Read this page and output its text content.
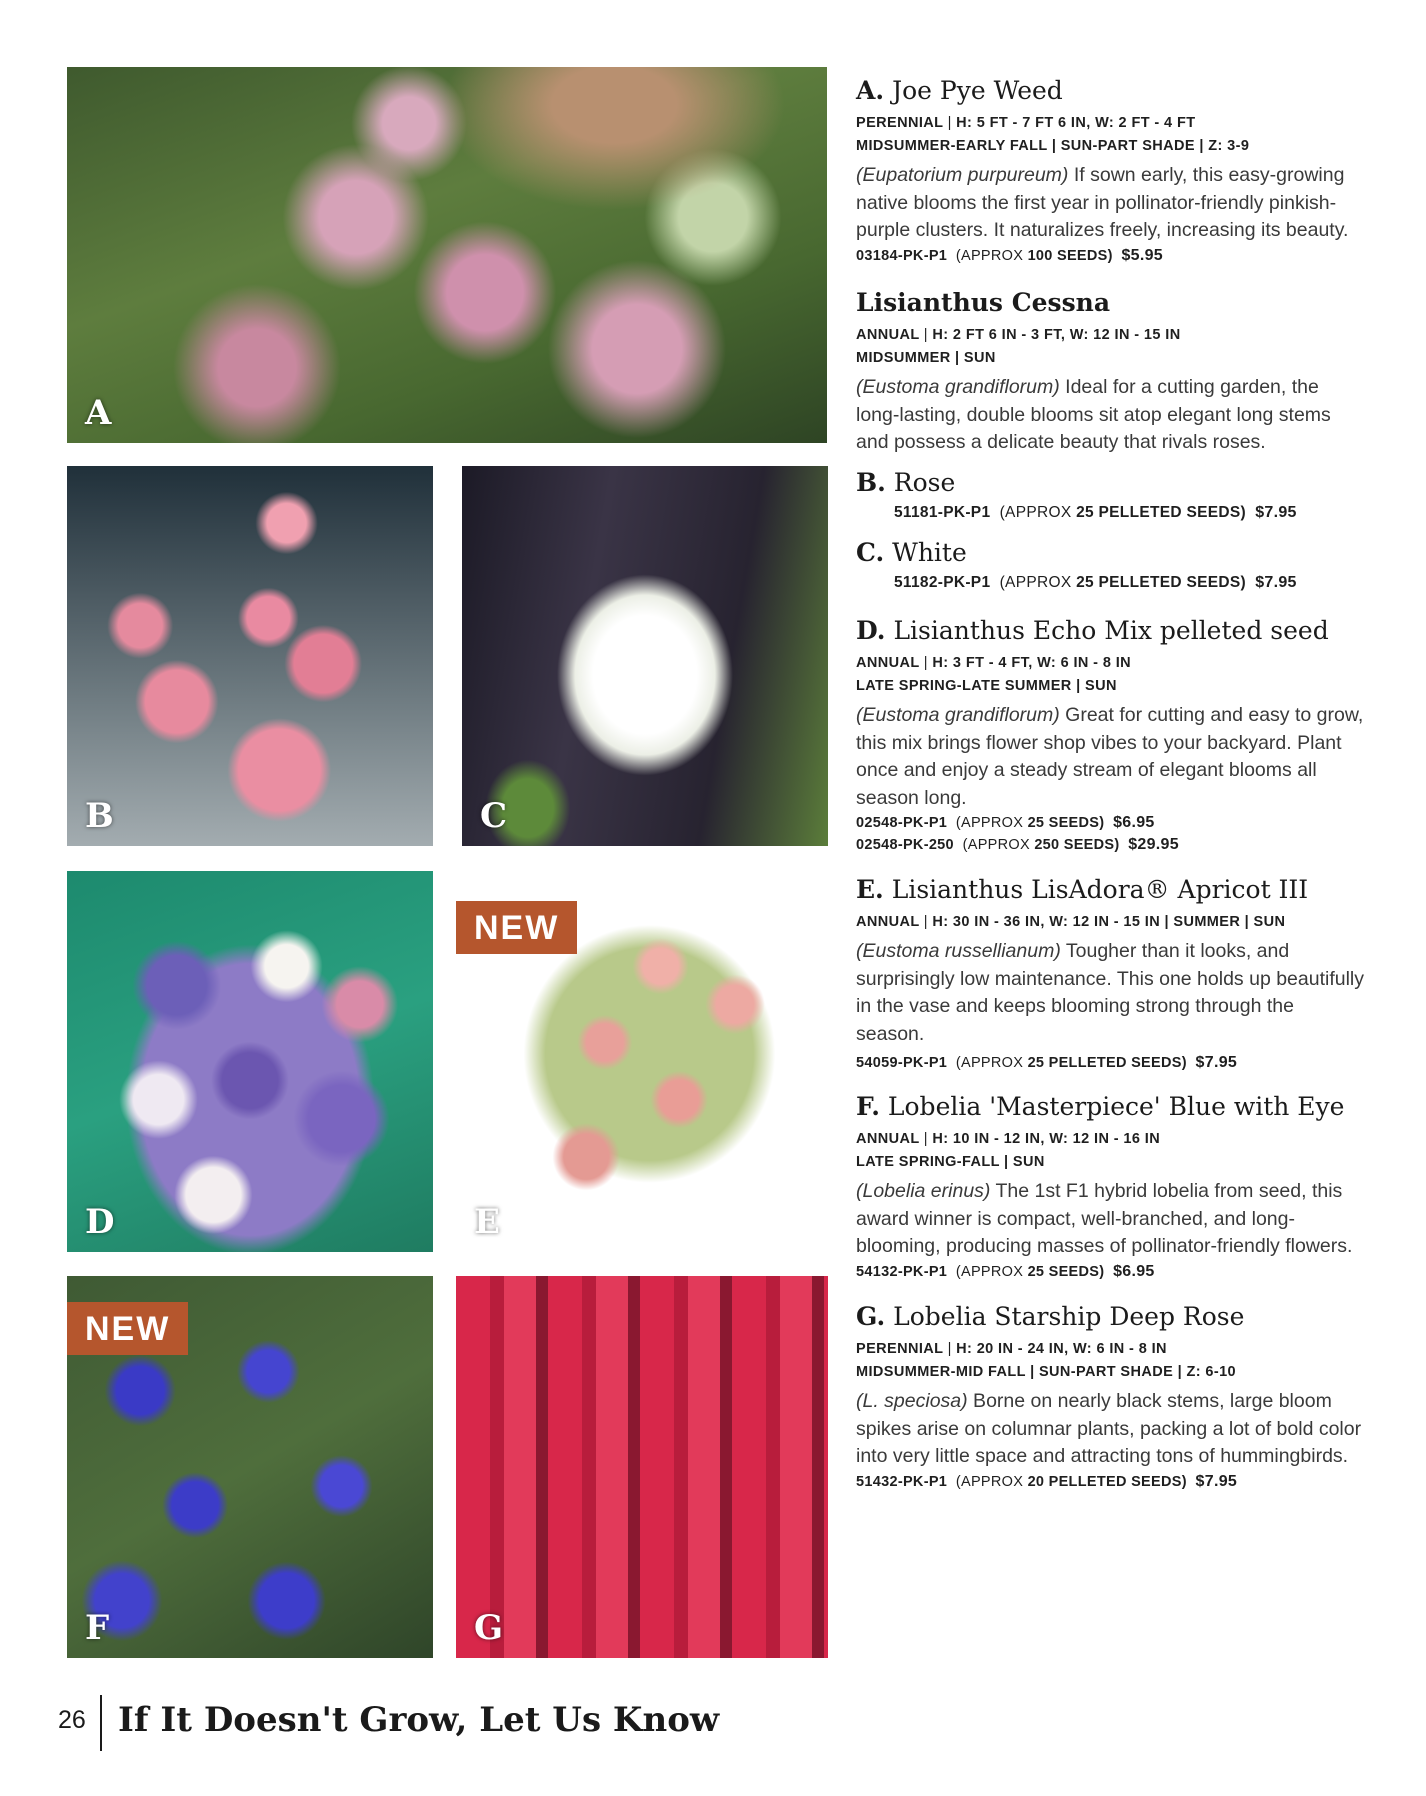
A
B	C
D
NEW
E
NEW
F	G
A. Joe Pye Weed
PERENNIAL | H: 5 FT - 7 FT 6 IN, W: 2 FT - 4 FT
MIDSUMMER-EARLY FALL | SUN-PART SHADE | Z: 3-9
(Eupatorium purpureum) If sown early, this easy-growing native blooms the first year in pollinator-friendly pinkish-purple clusters. It naturalizes freely, increasing its beauty.
03184-PK-P1 (APPROX 100 SEEDS) $5.95
Lisianthus Cessna
ANNUAL | H: 2 FT 6 IN - 3 FT, W: 12 IN - 15 IN
MIDSUMMER | SUN
(Eustoma grandiflorum) Ideal for a cutting garden, the long-lasting, double blooms sit atop elegant long stems and possess a delicate beauty that rivals roses.
B. Rose
51181-PK-P1 (APPROX 25 PELLETED SEEDS) $7.95
C. White
51182-PK-P1 (APPROX 25 PELLETED SEEDS) $7.95
D. Lisianthus Echo Mix pelleted seed
ANNUAL | H: 3 FT - 4 FT, W: 6 IN - 8 IN
LATE SPRING-LATE SUMMER | SUN
(Eustoma grandiflorum) Great for cutting and easy to grow, this mix brings flower shop vibes to your backyard. Plant once and enjoy a steady stream of elegant blooms all season long.
02548-PK-P1 (APPROX 25 SEEDS) $6.95
02548-PK-250 (APPROX 250 SEEDS) $29.95
E. Lisianthus LisAdora® Apricot III
ANNUAL | H: 30 IN - 36 IN, W: 12 IN - 15 IN | SUMMER | SUN
(Eustoma russellianum) Tougher than it looks, and surprisingly low maintenance. This one holds up beautifully in the vase and keeps blooming strong through the season.
54059-PK-P1 (APPROX 25 PELLETED SEEDS) $7.95
F. Lobelia 'Masterpiece' Blue with Eye
ANNUAL | H: 10 IN - 12 IN, W: 12 IN - 16 IN
LATE SPRING-FALL | SUN
(Lobelia erinus) The 1st F1 hybrid lobelia from seed, this award winner is compact, well-branched, and long-blooming, producing masses of pollinator-friendly flowers.
54132-PK-P1 (APPROX 25 SEEDS) $6.95
G. Lobelia Starship Deep Rose
PERENNIAL | H: 20 IN - 24 IN, W: 6 IN - 8 IN
MIDSUMMER-MID FALL | SUN-PART SHADE | Z: 6-10
(L. speciosa) Borne on nearly black stems, large bloom spikes arise on columnar plants, packing a lot of bold color into very little space and attracting tons of hummingbirds.
51432-PK-P1 (APPROX 20 PELLETED SEEDS) $7.95
26 If It Doesn't Grow, Let Us Know
